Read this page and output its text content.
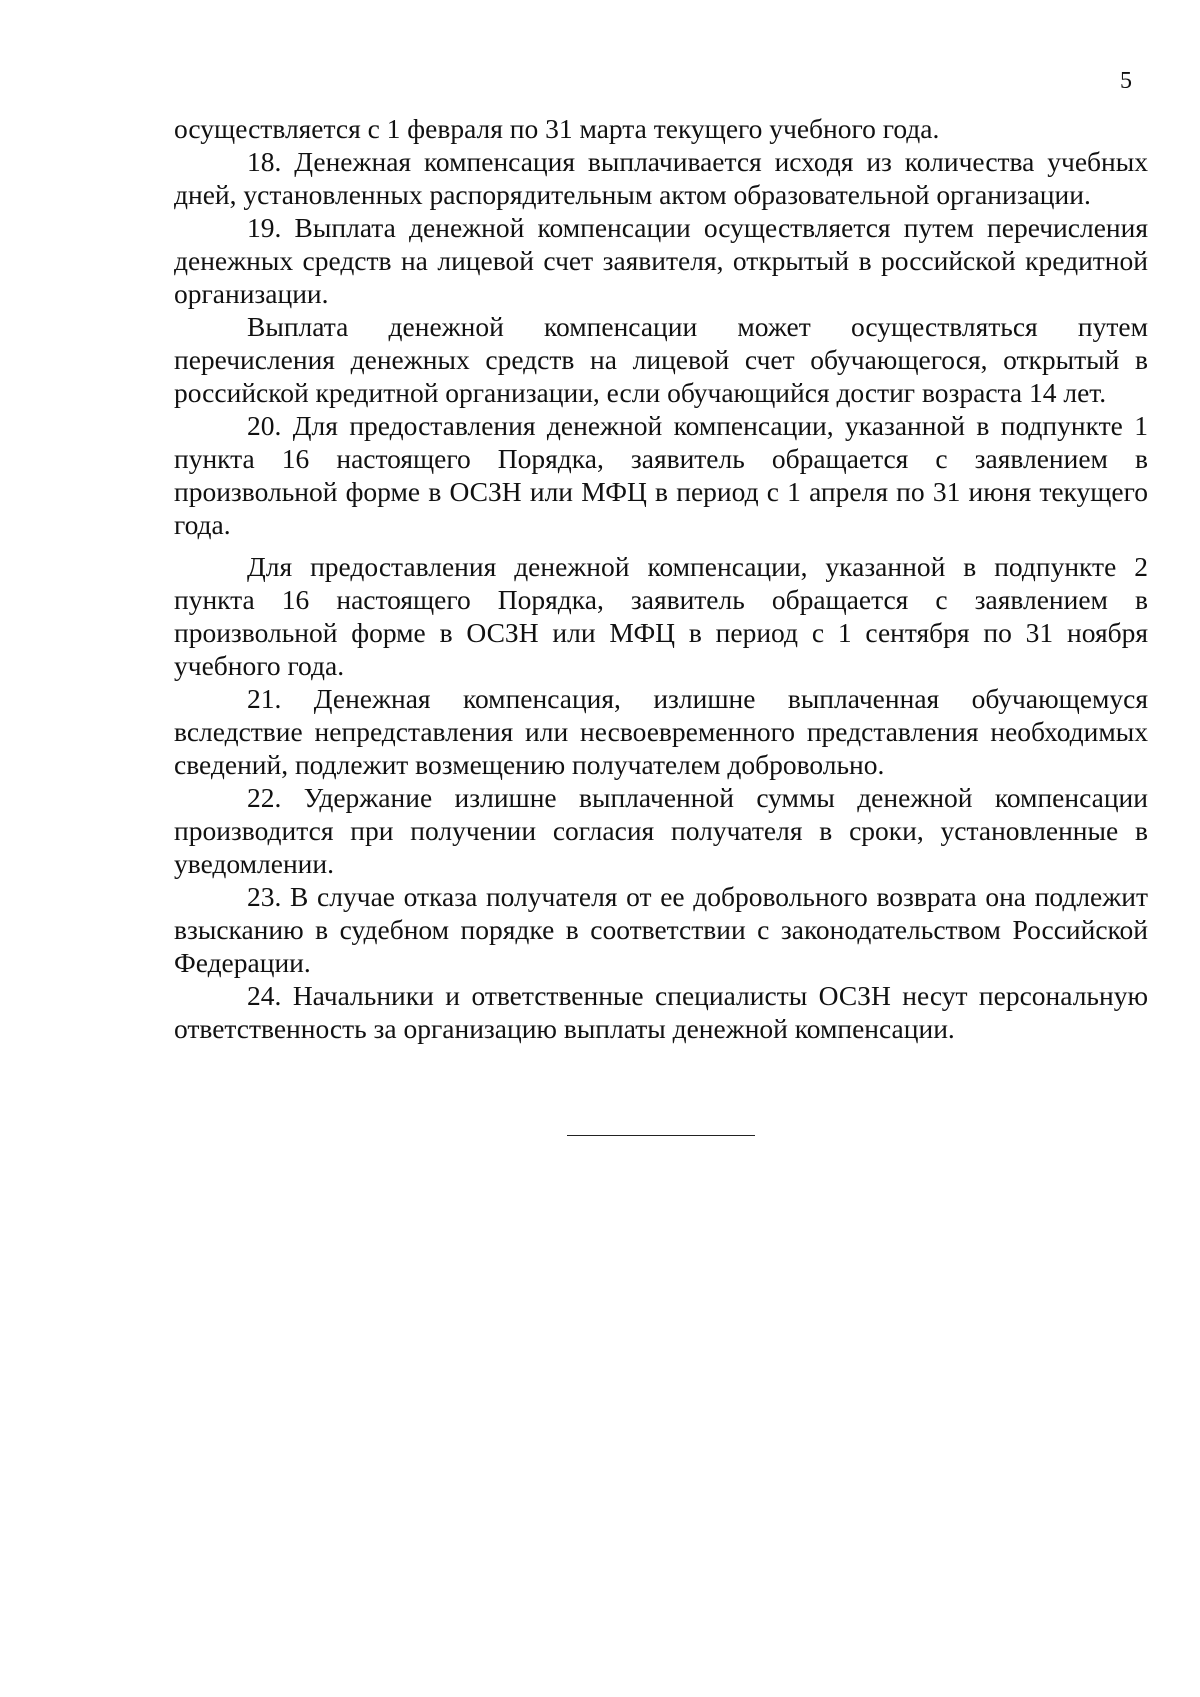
5

осуществляется с 1 февраля по 31 марта текущего учебного года.

18. Денежная компенсация выплачивается исходя из количества учебных дней, установленных распорядительным актом образовательной организации.

19. Выплата денежной компенсации осуществляется путем перечисления денежных средств на лицевой счет заявителя, открытый в российской кредитной организации.

Выплата денежной компенсации может осуществляться путем перечисления денежных средств на лицевой счет обучающегося, открытый в российской кредитной организации, если обучающийся достиг возраста 14 лет.

20. Для предоставления денежной компенсации, указанной в подпункте 1 пункта 16 настоящего Порядка, заявитель обращается с заявлением в произвольной форме в ОСЗН или МФЦ в период с 1 апреля по 31 июня текущего года.

Для предоставления денежной компенсации, указанной в подпункте 2 пункта 16 настоящего Порядка, заявитель обращается с заявлением в произвольной форме в ОСЗН или МФЦ в период с 1 сентября по 31 ноября учебного года.

21. Денежная компенсация, излишне выплаченная обучающемуся вследствие непредставления или несвоевременного представления необходимых сведений, подлежит возмещению получателем добровольно.

22. Удержание излишне выплаченной суммы денежной компенсации производится при получении согласия получателя в сроки, установленные в уведомлении.

23. В случае отказа получателя от ее добровольного возврата она подлежит взысканию в судебном порядке в соответствии с законодательством Российской Федерации.

24. Начальники и ответственные специалисты ОСЗН несут персональную ответственность за организацию выплаты денежной компенсации.
